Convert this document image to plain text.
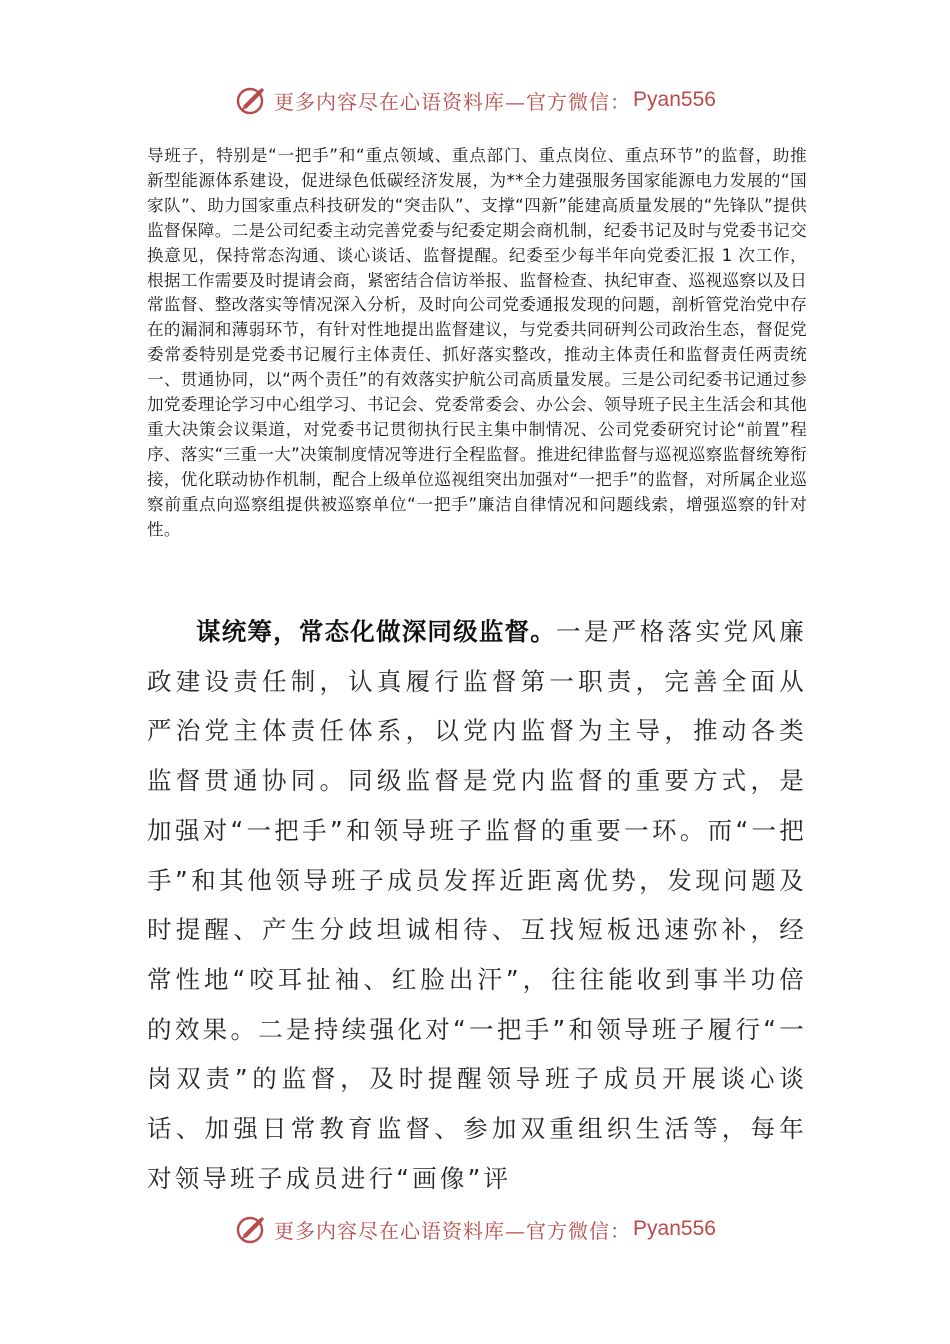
更多内容尽在心语资料库—官方微信： Pyan556

导班子，特别是“一把手”和“重点领域、重点部门、重点岗位、重点环节”的监督，助推新型能源体系建设，促进绿色低碳经济发展，为**全力建强服务国家能源电力发展的“国家队”、助力国家重点科技研发的“突击队”、支撑“四新”能建高质量发展的“先锋队”提供监督保障。二是公司纪委主动完善党委与纪委定期会商机制，纪委书记及时与党委书记交换意见，保持常态沟通、谈心谈话、监督提醒。纪委至少每半年向党委汇报 1 次工作，根据工作需要及时提请会商，紧密结合信访举报、监督检查、执纪审查、巡视巡察以及日常监督、整改落实等情况深入分析，及时向公司党委通报发现的问题，剖析管党治党中存在的漏洞和薄弱环节，有针对性地提出监督建议，与党委共同研判公司政治生态，督促党委常委特别是党委书记履行主体责任、抓好落实整改，推动主体责任和监督责任两责统一、贯通协同，以“两个责任”的有效落实护航公司高质量发展。三是公司纪委书记通过参加党委理论学习中心组学习、书记会、党委常委会、办公会、领导班子民主生活会和其他重大决策会议渠道，对党委书记贯彻执行民主集中制情况、公司党委研究讨论“前置”程序、落实“三重一大”决策制度情况等进行全程监督。推进纪律监督与巡视巡察监督统筹衔接，优化联动协作机制，配合上级单位巡视组突出加强对“一把手”的监督，对所属企业巡察前重点向巡察组提供被巡察单位“一把手”廉洁自律情况和问题线索，增强巡察的针对性。

谋统筹，常态化做深同级监督。一是严格落实党风廉政建设责任制，认真履行监督第一职责，完善全面从严治党主体责任体系，以党内监督为主导，推动各类监督贯通协同。同级监督是党内监督的重要方式，是加强对“一把手”和领导班子监督的重要一环。而“一把手”和其他领导班子成员发挥近距离优势，发现问题及时提醒、产生分歧坦诚相待、互找短板迅速弥补，经常性地“咬耳扯袖、红脸出汗”，往往能收到事半功倍的效果。二是持续强化对“一把手”和领导班子履行“一岗双责”的监督，及时提醒领导班子成员开展谈心谈话、加强日常教育监督、参加双重组织生活等，每年对领导班子成员进行“画像”评

更多内容尽在心语资料库—官方微信： Pyan556
